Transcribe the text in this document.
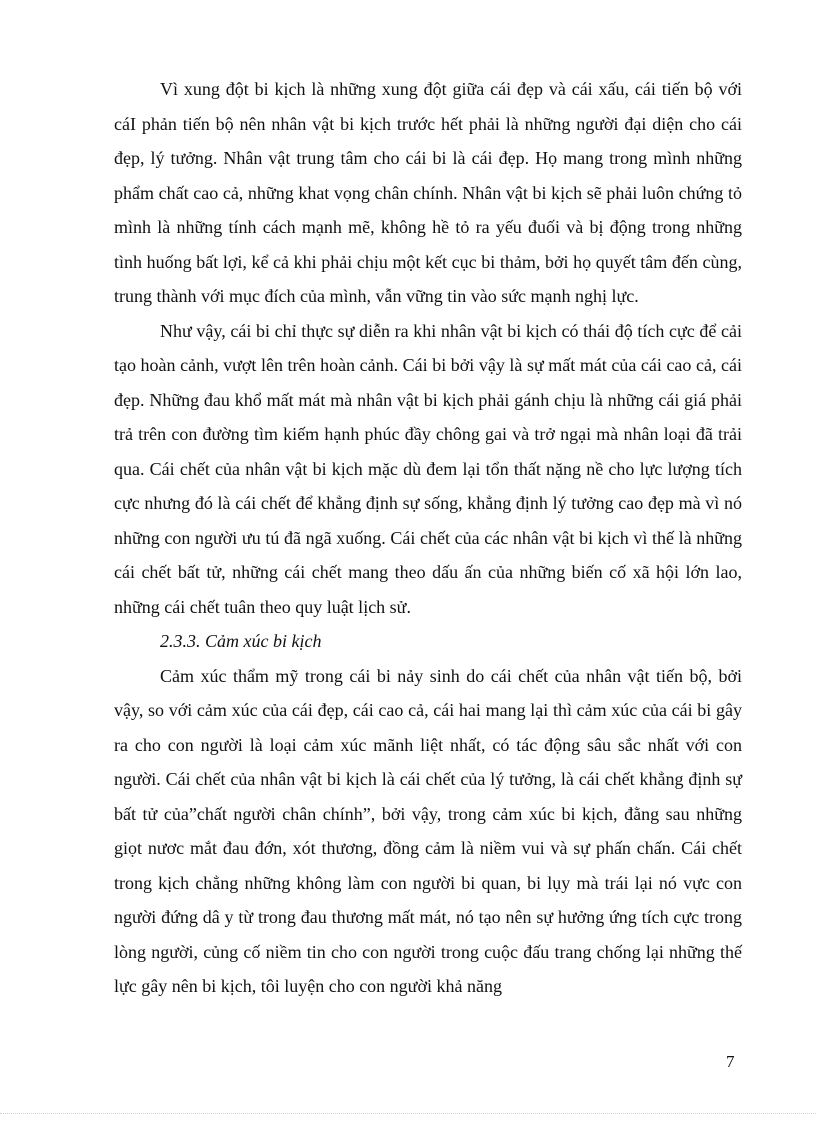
Vì xung đột bi kịch là những xung đột giữa cái đẹp và cái xấu, cái tiến bộ với cáI phản tiến bộ nên nhân vật bi kịch trước hết phải là những người đại diện cho cái đẹp, lý tưởng. Nhân vật trung tâm cho cái bi là cái đẹp. Họ mang trong mình những phẩm chất cao cả, những khat vọng chân chính. Nhân vật bi kịch sẽ phải luôn chứng tỏ mình là những tính cách mạnh mẽ, không hề tỏ ra yếu đuối và bị động trong những tình huống bất lợi, kể cả khi phải chịu một kết cục bi thảm, bởi họ quyết tâm đến cùng, trung thành với mục đích của mình, vẫn vững tin vào sức mạnh nghị lực.

Như vậy, cái bi chỉ thực sự diễn ra khi nhân vật bi kịch có thái độ tích cực để cải tạo hoàn cảnh, vượt lên trên hoàn cảnh. Cái bi bởi vậy là sự mất mát của cái cao cả, cái đẹp. Những đau khổ mất mát mà nhân vật bi kịch phải gánh chịu là những cái giá phải trả trên con đường tìm kiếm hạnh phúc đầy chông gai và trở ngại mà nhân loại đã trải qua. Cái chết của nhân vật bi kịch mặc dù đem lại tổn thất nặng nề cho lực lượng tích cực nhưng đó là cái chết để khẳng định sự sống, khẳng định lý tưởng cao đẹp mà vì nó những con người ưu tú đã ngã xuống. Cái chết của các nhân vật bi kịch vì thế là những cái chết bất tử, những cái chết mang theo dấu ấn của những biến cố xã hội lớn lao, những cái chết tuân theo quy luật lịch sử.

2.3.3. Cảm xúc bi kịch

Cảm xúc thẩm mỹ trong cái bi nảy sinh do cái chết của nhân vật tiến bộ, bởi vậy, so với cảm xúc của cái đẹp, cái cao cả, cái hai mang lại thì cảm xúc của cái bi gây ra cho con người là loại cảm xúc mãnh liệt nhất, có tác động sâu sắc nhất với con người. Cái chết của nhân vật bi kịch là cái chết của lý tưởng, là cái chết khẳng định sự bất tử của”chất người chân chính”, bởi vậy, trong cảm xúc bi kịch, đằng sau những giọt nươc mắt đau đớn, xót thương, đồng cảm là niềm vui và sự phấn chấn. Cái chết trong kịch chẳng những không làm con người bi quan, bi lụy mà trái lại nó vực con người đứng dâ y từ trong đau thương mất mát, nó tạo nên sự hưởng ứng tích cực trong lòng người, củng cố niềm tin cho con người trong cuộc đấu trang chống lại những thế lực gây nên bi kịch, tôi luyện cho con người khả năng

7
